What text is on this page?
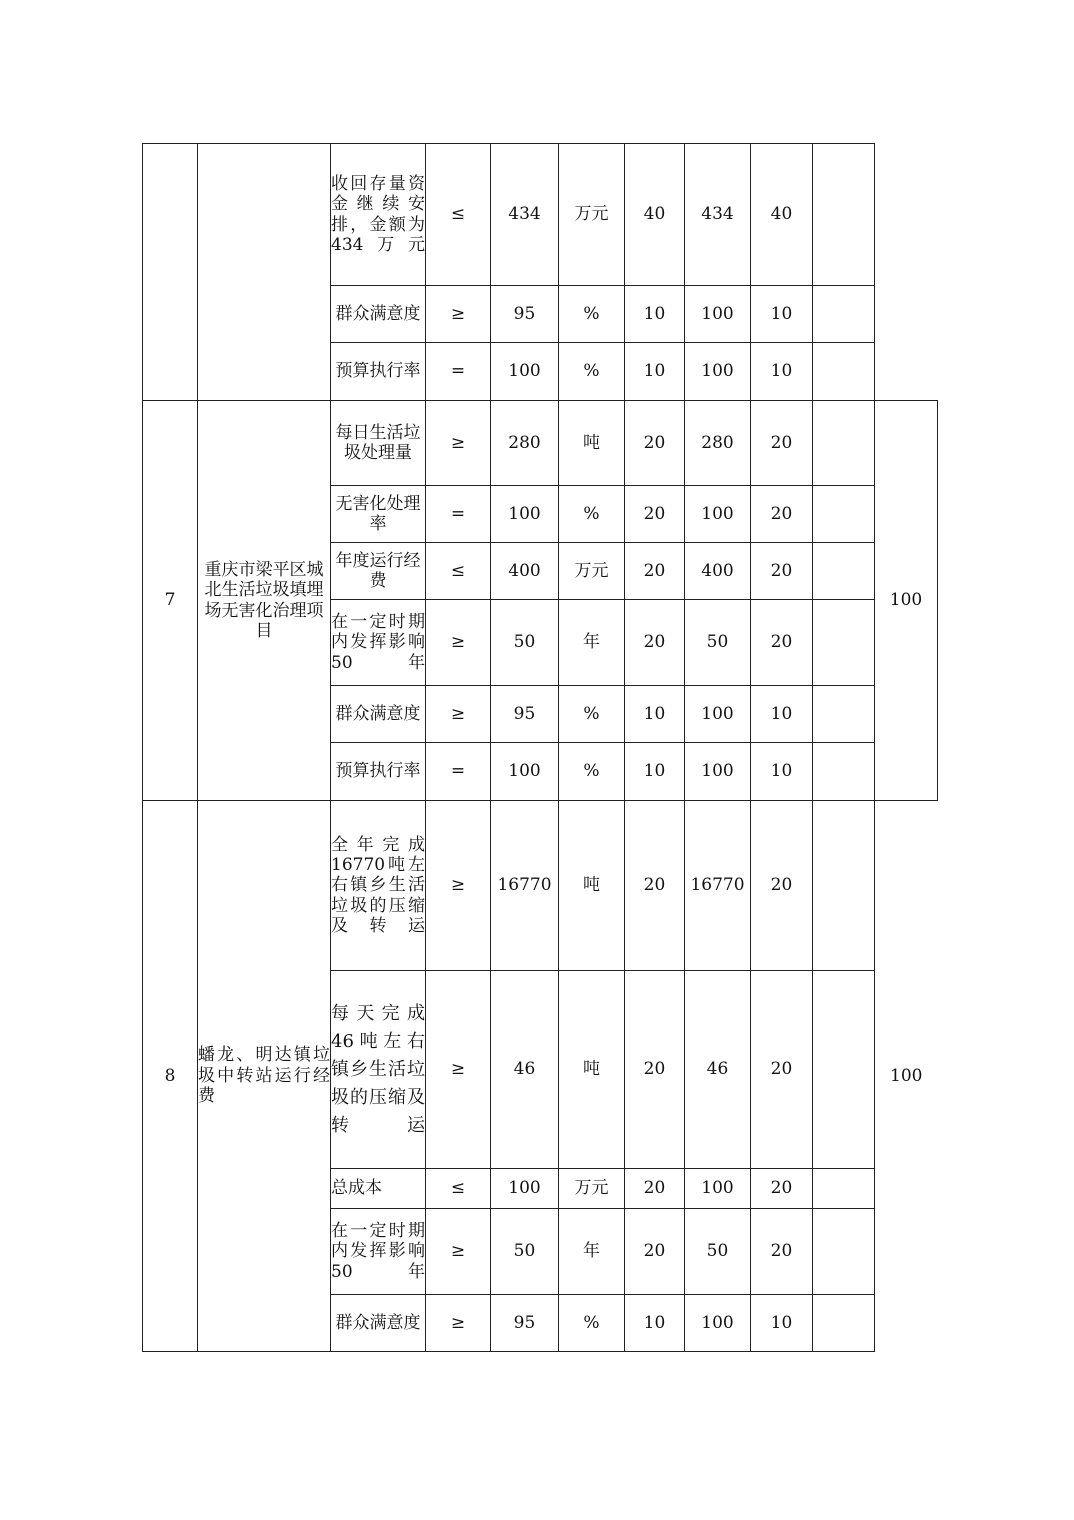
		收回存量资金继续安排，金额为434万元	≤	434	万元	40	434	40		
		群众满意度	≥	95	%	10	100	10		
		预算执行率	=	100	%	10	100	10		
7	重庆市梁平区城北生活垃圾填埋场无害化治理项目	每日生活垃圾处理量	≥	280	吨	20	280	20		100
		无害化处理率	=	100	%	20	100	20		
		年度运行经费	≤	400	万元	20	400	20		
		在一定时期内发挥影响50年	≥	50	年	20	50	20		
		群众满意度	≥	95	%	10	100	10		
		预算执行率	=	100	%	10	100	10		
8	蟠龙、明达镇垃圾中转站运行经费	全年完成16770吨左右镇乡生活垃圾的压缩及转运	≥	16770	吨	20	16770	20		100
		每天完成46吨左右镇乡生活垃圾的压缩及转运	≥	46	吨	20	46	20		
		总成本	≤	100	万元	20	100	20		
		在一定时期内发挥影响50年	≥	50	年	20	50	20		
		群众满意度	≥	95	%	10	100	10		
